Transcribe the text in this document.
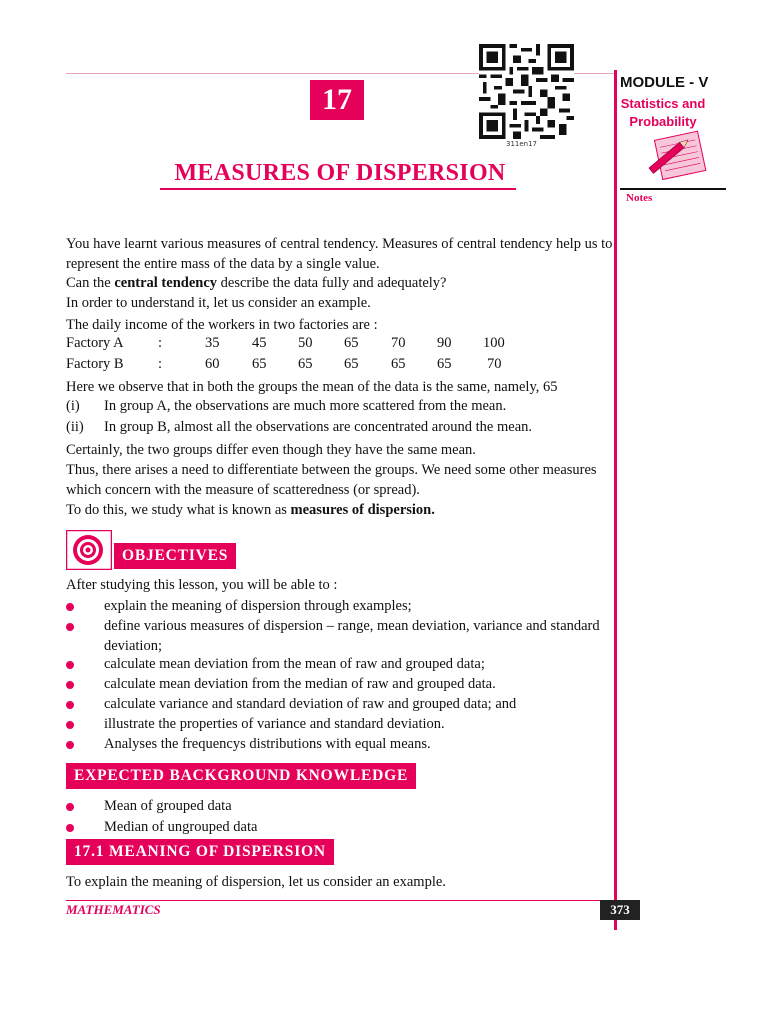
17
311en17
MEASURES OF DISPERSION
MODULE - V
Statistics and
Probability
Notes
You have learnt various measures of central tendency. Measures of central tendency help us to represent the entire mass of the data by a single value.
Can the central tendency describe the data fully and adequately?
In order to understand it, let us consider an example.
The daily income of the workers in two factories are :
Factory A :	35 45 50 65 70 90 100
Factory B :	60 65 65 65 65 65 70
Here we observe that in both the groups the mean of the data is the same, namely, 65
(i) In group A, the observations are much more scattered from the mean.
(ii) In group B, almost all the observations are concentrated around the mean.
Certainly, the two groups differ even though they have the same mean.
Thus, there arises a need to differentiate between the groups. We need some other measures which concern with the measure of scatteredness (or spread).
To do this, we study what is known as measures of dispersion.
OBJECTIVES
After studying this lesson, you will be able to :
explain the meaning of dispersion through examples;
define various measures of dispersion – range, mean deviation, variance and standard deviation;
calculate mean deviation from the mean of raw and grouped data;
calculate mean deviation from the median of raw and grouped data.
calculate variance and standard deviation of raw and grouped data; and
illustrate the properties of variance and standard deviation.
Analyses the frequencys distributions with equal means.
EXPECTED BACKGROUND KNOWLEDGE
Mean of grouped data
Median of ungrouped data
17.1 MEANING OF DISPERSION
To explain the meaning of dispersion, let us consider an example.
MATHEMATICS	373
